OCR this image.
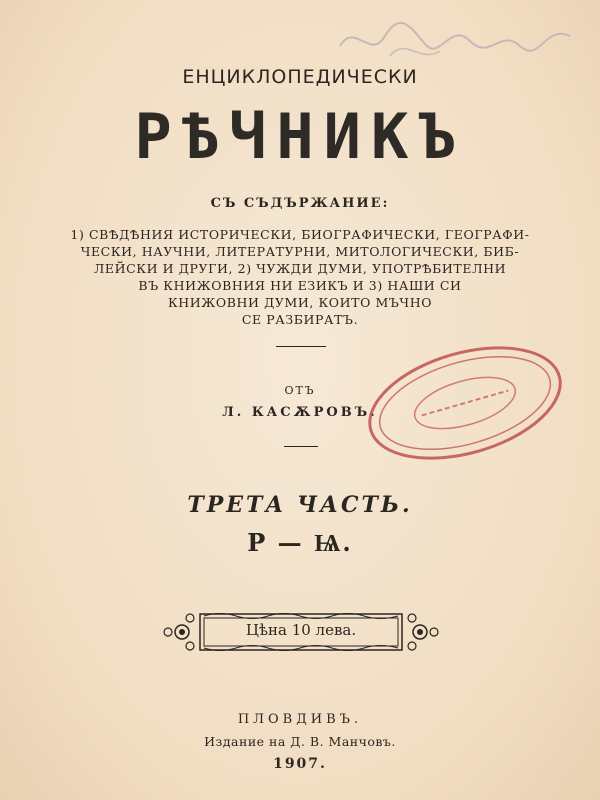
ЕНЦИКЛОПЕДИЧЕСКИ
РѢЧНИКЪ
СЪ СЪДЪРЖАНИЕ:
1) СВѢДѢНИЯ ИСТОРИЧЕСКИ, БИОГРАФИЧЕСКИ, ГЕОГРАФИ-
ЧЕСКИ, НАУЧНИ, ЛИТЕРАТУРНИ, МИТОЛОГИЧЕСКИ, БИБ-
ЛЕЙСКИ И ДРУГИ, 2) ЧУЖДИ ДУМИ, УПОТРѢБИТЕЛНИ
ВЪ КНИЖОВНИЯ НИ ЕЗИКЪ И 3) НАШИ СИ
КНИЖОВНИ ДУМИ, КОИТО МЪЧНО
СЕ РАЗБИРАТЪ.
ОТЪ
Л. КАСѪРОВЪ.
ТРЕТА ЧАСТЬ.
Р — Ѩ.
Цѣна 10 лева.
ПЛОВДИВЪ.
Издание на Д. В. Манчовъ.
1907.
